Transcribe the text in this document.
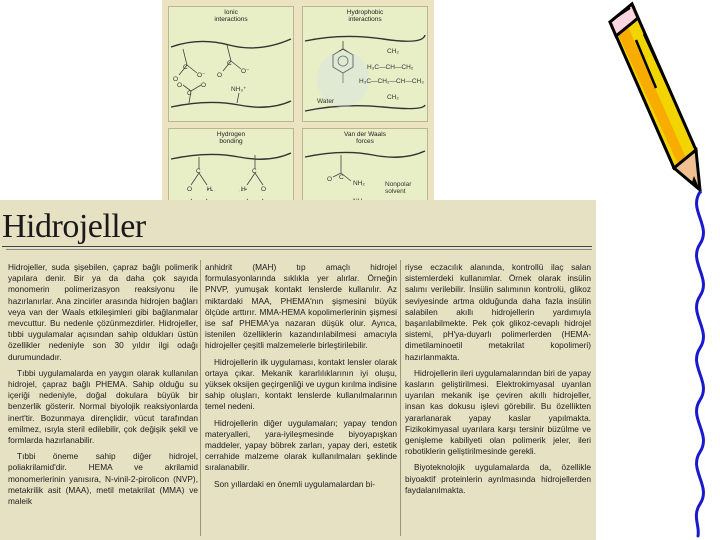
Ionic
interactions
O
C
O⁻
C
O
O⁻
C
O	O
NH₃⁺
Hydrophobic
interactions
CH₂
H₃C—CH—CH₂
H₃C—CH₂—CH—CH₃
CH₂
Water
Hydrogen
bonding
C
O H
C
O
H
Van der Waals
forces
O C
NH₂	Nonpolar
solvent
Hidrojeller

Hidrojeller, suda şişebilen, çapraz bağlı polimerik yapılara denir. Bir ya da daha çok sayıda monomerin polimerizasyon reaksiyonu ile hazırlanırlar. Ana zincirler arasında hidrojen bağları veya van der Waals etkileşimleri gibi bağlanmalar mevcuttur. Bu nedenle çözünmezdirler. Hidrojeller, tıbbi uygulamalar açısından sahip oldukları üstün özellikler nedeniyle son 30 yıldır ilgi odağı durumundadır.

Tıbbi uygulamalarda en yaygın olarak kullanılan hidrojel, çapraz bağlı PHEMA. Sahip olduğu su içeriği nedeniyle, doğal dokulara büyük bir benzerlik gösterir. Normal biyolojik reaksiyonlarda inert'tir. Bozunmaya dirençlidir, vücut tarafından emilmez, ısıyla steril edilebilir, çok değişik şekil ve formlarda hazırlanabilir.

Tıbbi öneme sahip diğer hidrojel, poliakrilamid'dir. HEMA ve akrilamid monomerlerinin yanısıra, N-vinil-2-pirolicon (NVP), metakrilik asit (MAA), metil metakrilat (MMA) ve maleik

anhidrit (MAH) tıp amaçlı hidrojel formulasyonlarında sıklıkla yer alırlar. Örneğin PNVP, yumuşak kontakt lenslerde kullanılır. Az miktardaki MAA, PHEMA'nın şişmesini büyük ölçüde arttırır. MMA-HEMA kopolimerlerinin şişmesi ise saf PHEMA'ya nazaran düşük olur. Ayrıca, istenilen özelliklerin kazandırılabilmesi amacıyla hidrojeller çeşitli malzemelerle birleştirilebilir.

Hidrojellerin ilk uygulaması, kontakt lensler olarak ortaya çıkar. Mekanik kararlılıklarının iyi oluşu, yüksek oksijen geçirgenliği ve uygun kırılma indisine sahip oluşları, kontakt lenslerde kullanılmalarının temel nedeni.

Hidrojellerin diğer uygulamaları; yapay tendon materyalleri, yara-iyileşmesinde biyoyapışkan maddeler, yapay böbrek zarları, yapay deri, estetik cerrahide malzeme olarak kullanılmaları şeklinde sıralanabilir.

Son yıllardaki en önemli uygulamalardan bi-

riyse eczacılık alanında, kontrollü ilaç salan sistemlerdeki kullanımlar. Örnek olarak insülin salımı verilebilir. İnsülin salımının kontrolü, glikoz seviyesinde artma olduğunda daha fazla insülin salabilen akıllı hidrojellerin yardımıyla başarılabilmekte. Pek çok glikoz-cevaplı hidrojel sistemi, pH'ya-duyarlı polimerlerden (HEMA-dimetilaminoetil metakrilat kopolimeri) hazırlanmakta.

Hidrojellerin ileri uygulamalarından biri de yapay kasların geliştirilmesi. Elektrokimyasal uyarılan uyarılan mekanik işe çeviren akıllı hidrojeller, insan kas dokusu işlevi görebilir. Bu özellikten yararlanarak yapay kaslar yapılmakta. Fizikokimyasal uyarılara karşı tersinir büzülme ve genişleme kabiliyeti olan polimerik jeler, ileri robotiklerin geliştirilmesinde gerekli.

Biyoteknolojik uygulamalarda da, özellikle biyoaktif proteinlerin ayrılmasında hidrojellerden faydalanılmakta.
